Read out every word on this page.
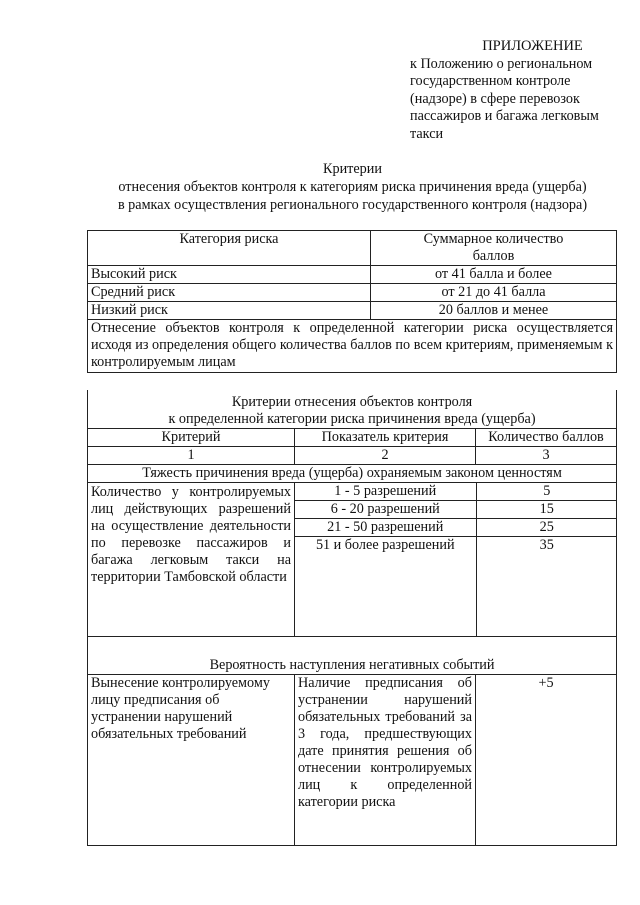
ПРИЛОЖЕНИЕ
к Положению о региональном
государственном контроле
(надзоре) в сфере перевозок
пассажиров и багажа легковым
такси
Критерии
отнесения объектов контроля к категориям риска причинения вреда (ущерба)
в рамках осуществления регионального государственного контроля (надзора)
Категория риска	Суммарное количество баллов

Высокий риск	от 41 балла и более
Средний риск	от 21 до 41 балла
Низкий риск	20 баллов и менее
Отнесение объектов контроля к определенной категории риска осуществляется исходя из определения общего количества баллов по всем критериям, применяемым к контролируемым лицам	
Критерии отнесения объектов контроля
к определенной категории риска причинения вреда (ущерба)

Критерий	Показатель критерия	Количество баллов
1	2	3
Тяжесть причинения вреда (ущерба) охраняемым законом ценностям
Количество у контролируемых лиц действующих разрешений на осуществление деятельности по перевозке пассажиров и багажа легковым такси на территории Тамбовской области	
1 - 5 разрешений	5
6 - 20 разрешений	15
21 - 50 разрешений	25
51 и более разрешений	35

Вероятность наступления негативных событий
Вынесение контролируемому лицу предписания об устранении нарушений обязательных требований	Наличие предписания об устранении нарушений обязательных требований за 3 года, предшествующих дате принятия решения об отнесении контролируемых лиц к определенной категории риска	+5
